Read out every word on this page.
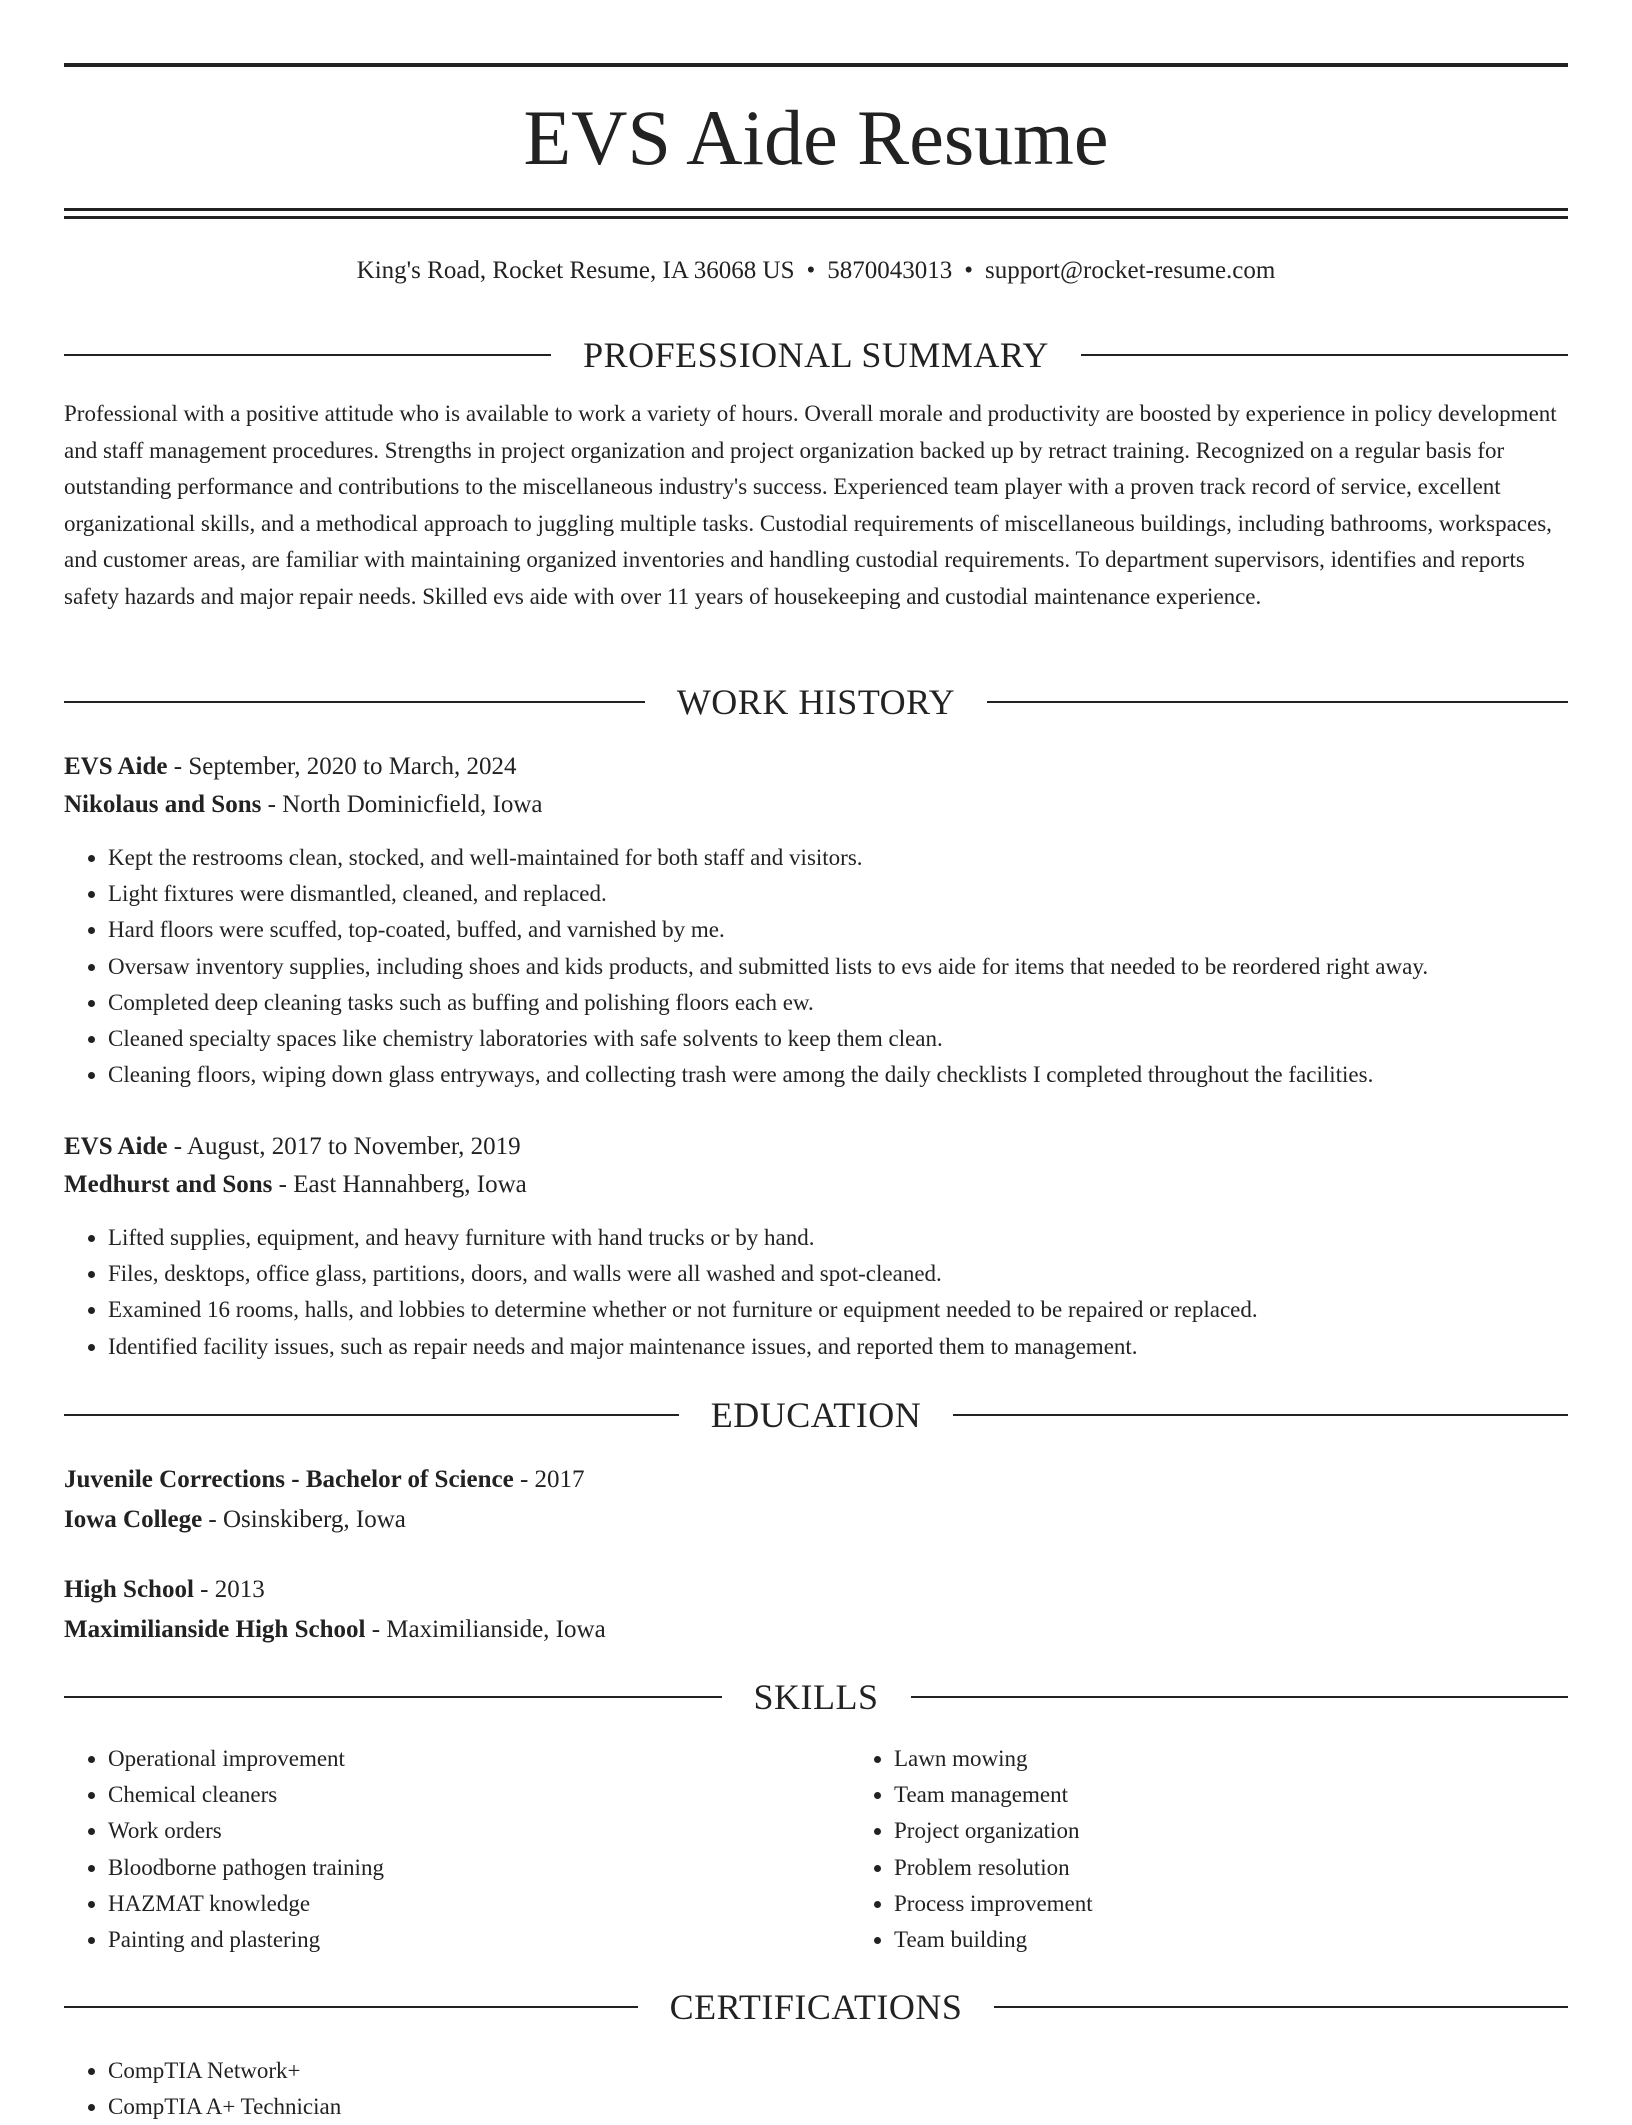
EVS Aide Resume
King's Road, Rocket Resume, IA 36068 US • 5870043013 • support@rocket-resume.com
PROFESSIONAL SUMMARY

Professional with a positive attitude who is available to work a variety of hours. Overall morale and productivity are boosted by experience in policy development and staff management procedures. Strengths in project organization and project organization backed up by retract training. Recognized on a regular basis for outstanding performance and contributions to the miscellaneous industry's success. Experienced team player with a proven track record of service, excellent organizational skills, and a methodical approach to juggling multiple tasks. Custodial requirements of miscellaneous buildings, including bathrooms, workspaces, and customer areas, are familiar with maintaining organized inventories and handling custodial requirements. To department supervisors, identifies and reports safety hazards and major repair needs. Skilled evs aide with over 11 years of housekeeping and custodial maintenance experience.

WORK HISTORY
EVS Aide - September, 2020 to March, 2024
Nikolaus and Sons - North Dominicfield, Iowa
• Kept the restrooms clean, stocked, and well-maintained for both staff and visitors.
• Light fixtures were dismantled, cleaned, and replaced.
• Hard floors were scuffed, top-coated, buffed, and varnished by me.
• Oversaw inventory supplies, including shoes and kids products, and submitted lists to evs aide for items that needed to be reordered right away.
• Completed deep cleaning tasks such as buffing and polishing floors each ew.
• Cleaned specialty spaces like chemistry laboratories with safe solvents to keep them clean.
• Cleaning floors, wiping down glass entryways, and collecting trash were among the daily checklists I completed throughout the facilities.
EVS Aide - August, 2017 to November, 2019
Medhurst and Sons - East Hannahberg, Iowa
• Lifted supplies, equipment, and heavy furniture with hand trucks or by hand.
• Files, desktops, office glass, partitions, doors, and walls were all washed and spot-cleaned.
• Examined 16 rooms, halls, and lobbies to determine whether or not furniture or equipment needed to be repaired or replaced.
• Identified facility issues, such as repair needs and major maintenance issues, and reported them to management.
EDUCATION
Juvenile Corrections - Bachelor of Science - 2017
Iowa College - Osinskiberg, Iowa
High School - 2013
Maximilianside High School - Maximilianside, Iowa
SKILLS
• Operational improvement
• Chemical cleaners
• Work orders
• Bloodborne pathogen training
• HAZMAT knowledge
• Painting and plastering
• Lawn mowing
• Team management
• Project organization
• Problem resolution
• Process improvement
• Team building
CERTIFICATIONS
• CompTIA Network+
• CompTIA A+ Technician
